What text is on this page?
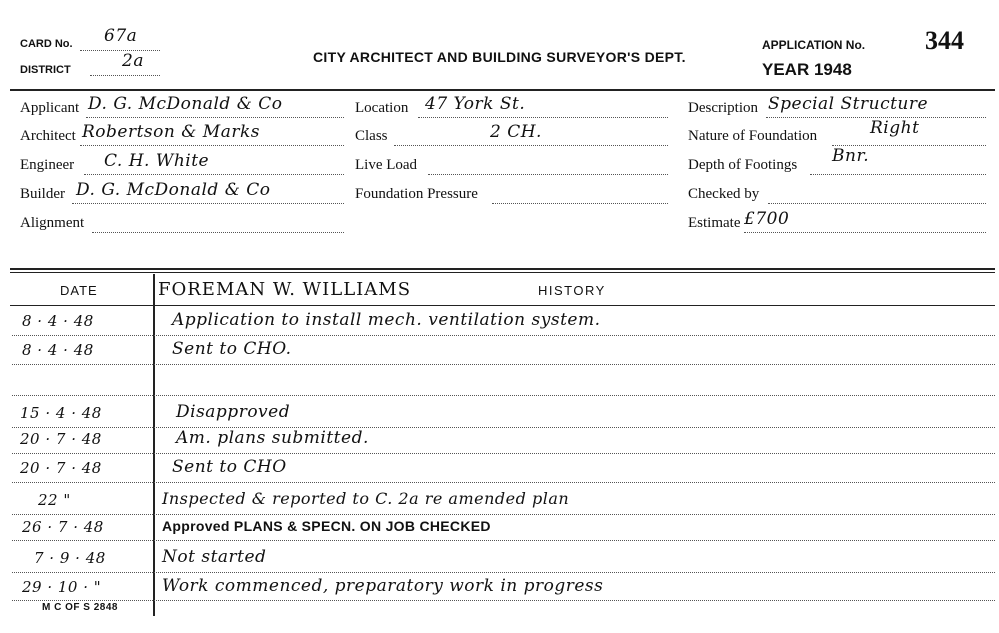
CARD No. 67a
DISTRICT	2a	CITY ARCHITECT AND BUILDING SURVEYOR'S DEPT.
APPLICATION No. 344
YEAR 1948
Applicant D. G. McDonald & Co
Architect Robertson & Marks
Engineer C. H. White
Builder D. G. McDonald & Co
Alignment
Location 47 York St.
Class	2 CH.
Live Load
Foundation Pressure
Description Special Structure
Nature of Foundation	Right
Depth of Footings Bnr.
Checked by
Estimate £700
DATE	FOREMAN W. WILLIAMS	HISTORY
8 · 4 · 48	Application to install mech. ventilation system.
8 · 4 · 48	Sent to CHO.
15 · 4 · 48	Disapproved
20 · 7 · 48	Am. plans submitted.
20 · 7 · 48	Sent to CHO
22 "	Inspected & reported to C. 2a re amended plan
26 · 7 · 48	Approved PLANS & SPECN. ON JOB CHECKED
7 · 9 · 48	Not started
29 · 10 · "	Work commenced, preparatory work in progress
M C OF S 2848
